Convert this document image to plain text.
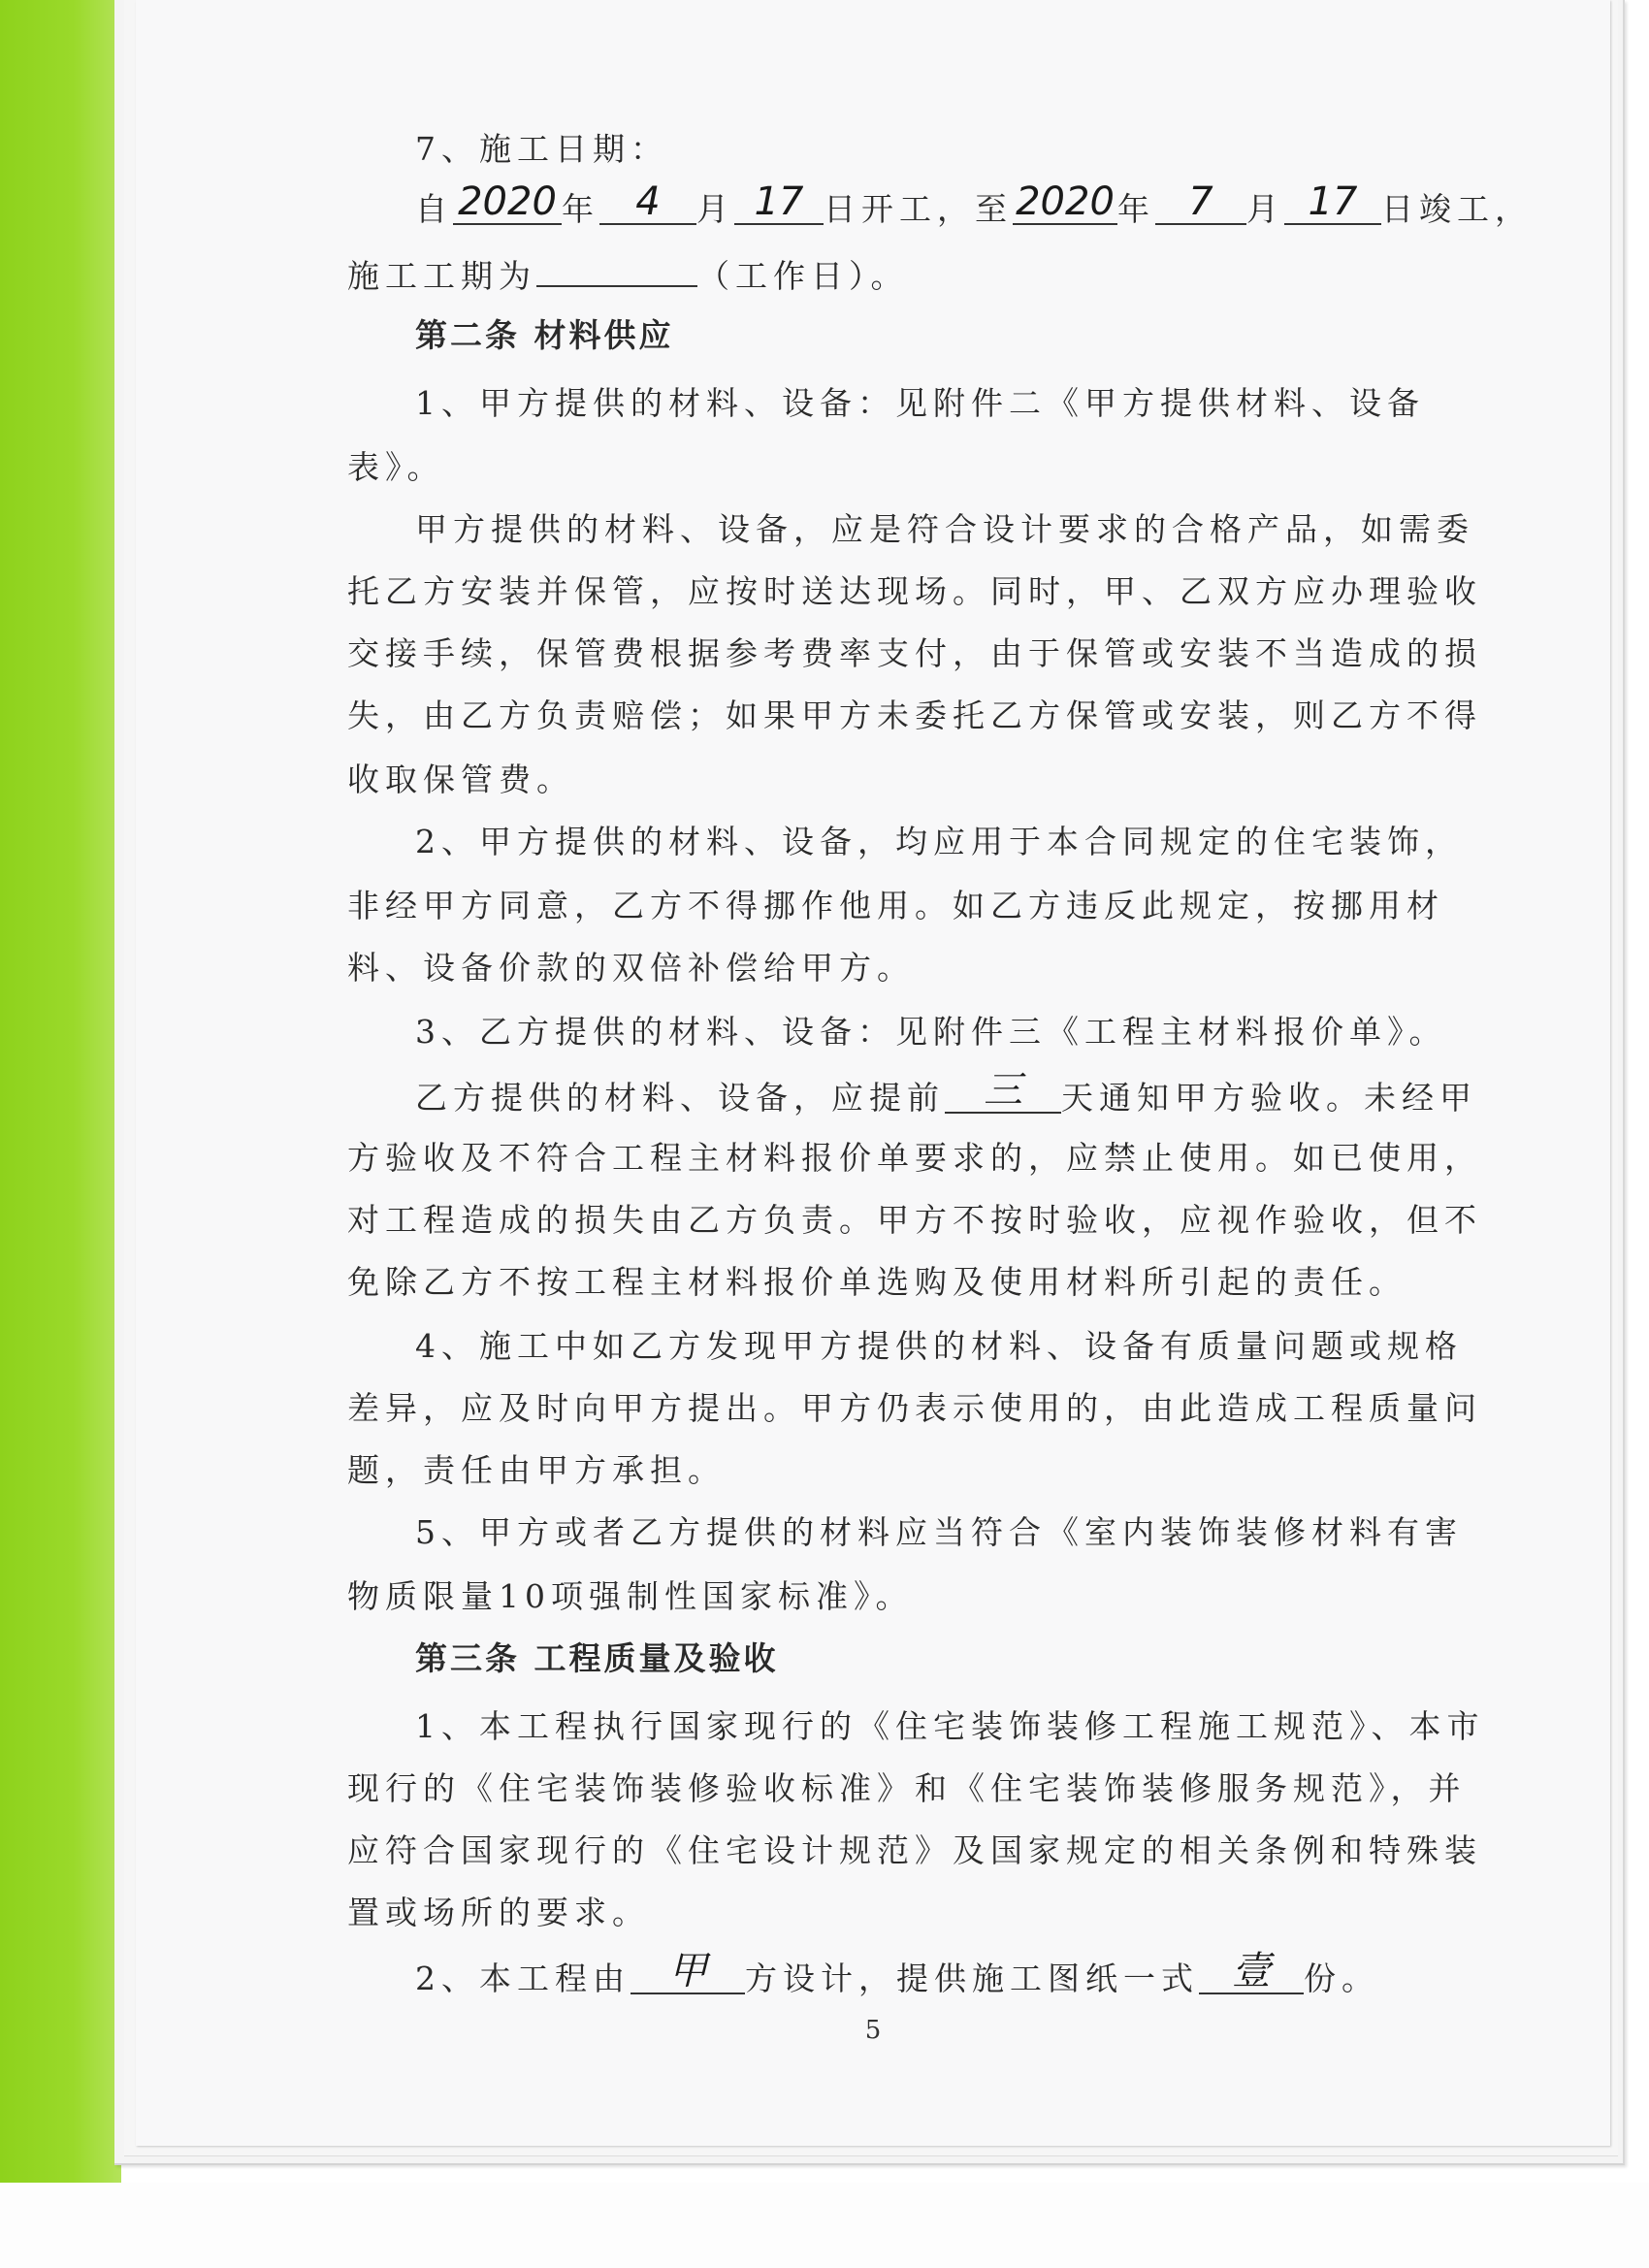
7、施工日期：
自 2020 年 4 月 17 日开工，至2020年 7 月 17 日竣工，
施工工期为	（工作日）。
第二条 材料供应
1、甲方提供的材料、设备：见附件二《甲方提供材料、设备
表》。
甲方提供的材料、设备，应是符合设计要求的合格产品，如需委
托乙方安装并保管，应按时送达现场。同时，甲、乙双方应办理验收
交接手续，保管费根据参考费率支付，由于保管或安装不当造成的损
失，由乙方负责赔偿；如果甲方未委托乙方保管或安装，则乙方不得
收取保管费。
2、甲方提供的材料、设备，均应用于本合同规定的住宅装饰，
非经甲方同意，乙方不得挪作他用。如乙方违反此规定，按挪用材
料、设备价款的双倍补偿给甲方。
3、乙方提供的材料、设备：见附件三《工程主材料报价单》。
乙方提供的材料、设备，应提前 三 天通知甲方验收。未经甲
方验收及不符合工程主材料报价单要求的，应禁止使用。如已使用，
对工程造成的损失由乙方负责。甲方不按时验收，应视作验收，但不
免除乙方不按工程主材料报价单选购及使用材料所引起的责任。
4、施工中如乙方发现甲方提供的材料、设备有质量问题或规格
差异，应及时向甲方提出。甲方仍表示使用的，由此造成工程质量问
题，责任由甲方承担。
5、甲方或者乙方提供的材料应当符合《室内装饰装修材料有害
物质限量10项强制性国家标准》。
第三条 工程质量及验收
1、本工程执行国家现行的《住宅装饰装修工程施工规范》、本市
现行的《住宅装饰装修验收标准》和《住宅装饰装修服务规范》，并
应符合国家现行的《住宅设计规范》及国家规定的相关条例和特殊装
置或场所的要求。
2、本工程由 甲 方设计，提供施工图纸一式 壹 份。
5
